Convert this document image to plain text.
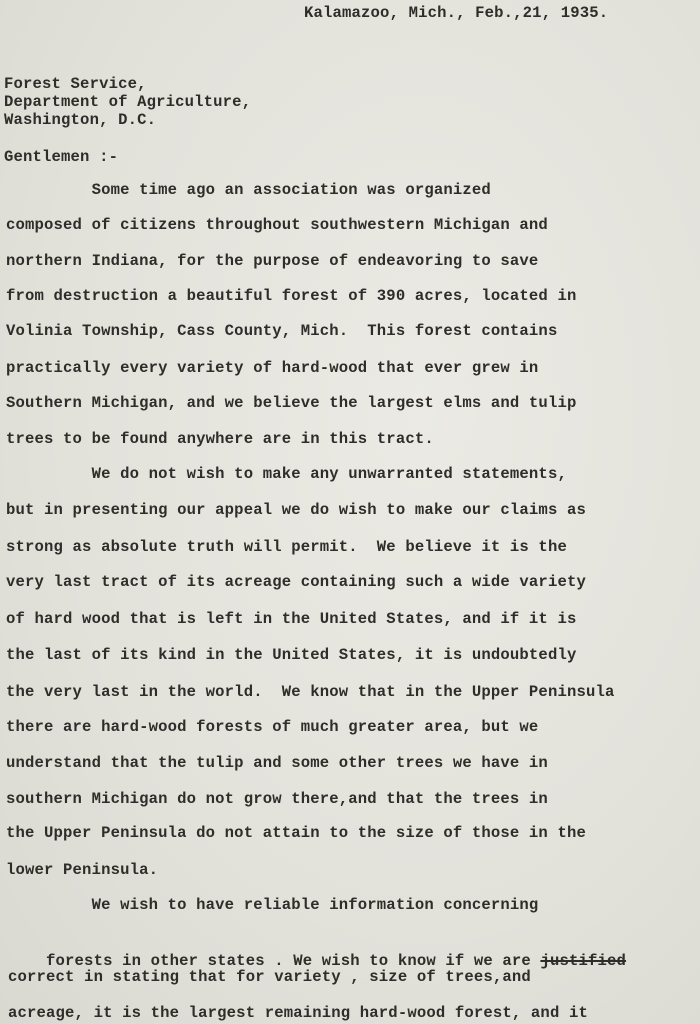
Kalamazoo, Mich., Feb.,21, 1935.
Forest Service,
Department of Agriculture,
Washington, D.C.
Gentlemen :-
Some time ago an association was organized
composed of citizens throughout southwestern Michigan and
northern Indiana, for the purpose of endeavoring to save
from destruction a beautiful forest of 390 acres, located in
Volinia Township, Cass County, Mich.  This forest contains
practically every variety of hard-wood that ever grew in
Southern Michigan, and we believe the largest elms and tulip
trees to be found anywhere are in this tract.
We do not wish to make any unwarranted statements,
but in presenting our appeal we do wish to make our claims as
strong as absolute truth will permit.  We believe it is the
very last tract of its acreage containing such a wide variety
of hard wood that is left in the United States, and if it is
the last of its kind in the United States, it is undoubtedly
the very last in the world.  We know that in the Upper Peninsula
there are hard-wood forests of much greater area, but we
understand that the tulip and some other trees we have in
southern Michigan do not grow there,and that the trees in
the Upper Peninsula do not attain to the size of those in the
lower Peninsula.
We wish to have reliable information concerning

forests in other states . We wish to know if we are justified

correct in stating that for variety , size of trees,and
acreage, it is the largest remaining hard-wood forest, and it
